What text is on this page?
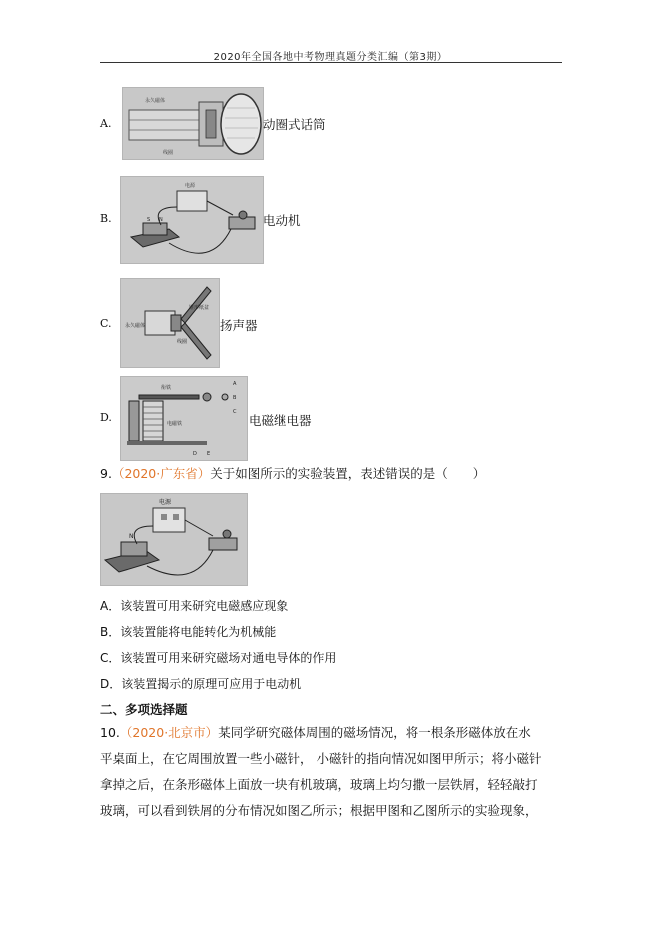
2020年全国各地中考物理真题分类汇编（第3期）
A.
永久磁体
线圈
动圈式话筒
B.
电源
S N	电动机
C.	永久磁体
线圈
锥形纸盆
扬声器
D.
衔铁
电磁铁
A
B
C
D E
电磁继电器
9.（2020·广东省）关于如图所示的实验装置，表述错误的是（　　）
电源
N
A．该装置可用来研究电磁感应现象
B．该装置能将电能转化为机械能
C．该装置可用来研究磁场对通电导体的作用
D．该装置揭示的原理可应用于电动机
二、多项选择题
10.（2020·北京市）某同学研究磁体周围的磁场情况，将一根条形磁体放在水
平桌面上，在它周围放置一些小磁针， 小磁针的指向情况如图甲所示；将小磁针
拿掉之后，在条形磁体上面放一块有机玻璃，玻璃上均匀撒一层铁屑，轻轻敲打
玻璃，可以看到铁屑的分布情况如图乙所示；根据甲图和乙图所示的实验现象，
